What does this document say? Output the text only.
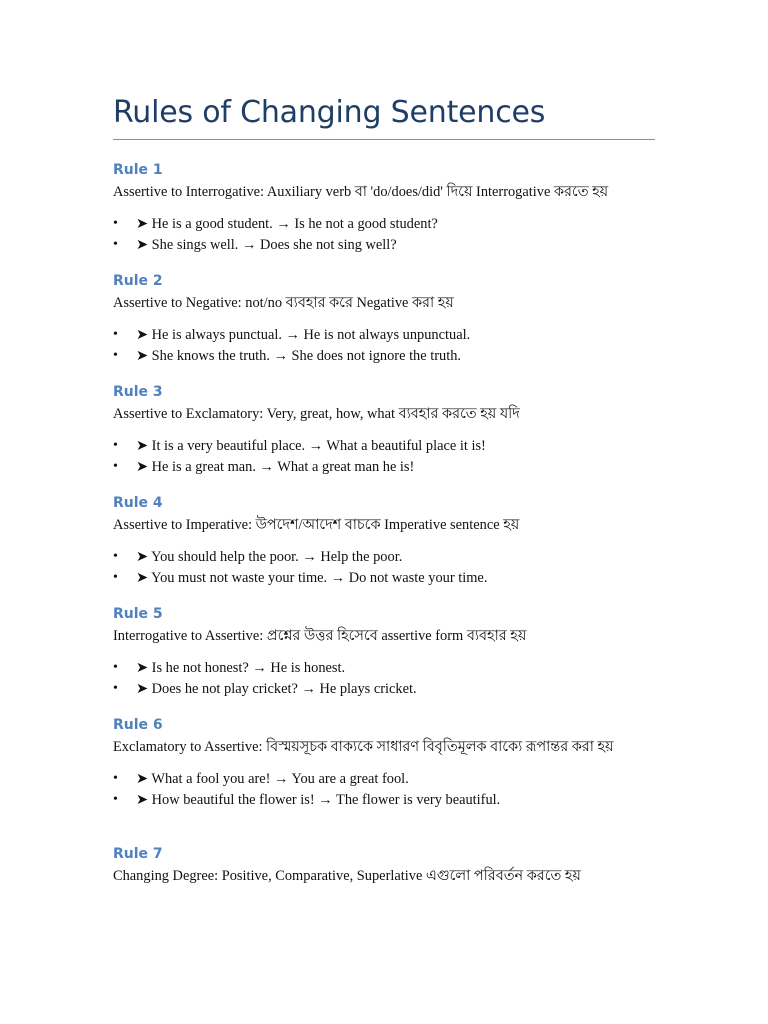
Rules of Changing Sentences
Rule 1

Assertive to Interrogative: Auxiliary verb বা 'do/does/did' দিয়ে Interrogative করতে হয়

• ➤ He is a good student. → Is he not a good student?
• ➤ She sings well. → Does she not sing well?
Rule 2

Assertive to Negative: not/no ব্যবহার করে Negative করা হয়

• ➤ He is always punctual. → He is not always unpunctual.
• ➤ She knows the truth. → She does not ignore the truth.
Rule 3

Assertive to Exclamatory: Very, great, how, what ব্যবহার করতে হয় যদি

• ➤ It is a very beautiful place. → What a beautiful place it is!
• ➤ He is a great man. → What a great man he is!
Rule 4

Assertive to Imperative: উপদেশ/আদেশ বাচকে Imperative sentence হয়

• ➤ You should help the poor. → Help the poor.
• ➤ You must not waste your time. → Do not waste your time.
Rule 5

Interrogative to Assertive: প্রশ্নের উত্তর হিসেবে assertive form ব্যবহার হয়

• ➤ Is he not honest? → He is honest.
• ➤ Does he not play cricket? → He plays cricket.
Rule 6

Exclamatory to Assertive: বিস্ময়সূচক বাক্যকে সাধারণ বিবৃতিমূলক বাক্যে রূপান্তর করা হয়

• ➤ What a fool you are! → You are a great fool.
• ➤ How beautiful the flower is! → The flower is very beautiful.
Rule 7

Changing Degree: Positive, Comparative, Superlative এগুলো পরিবর্তন করতে হয়
